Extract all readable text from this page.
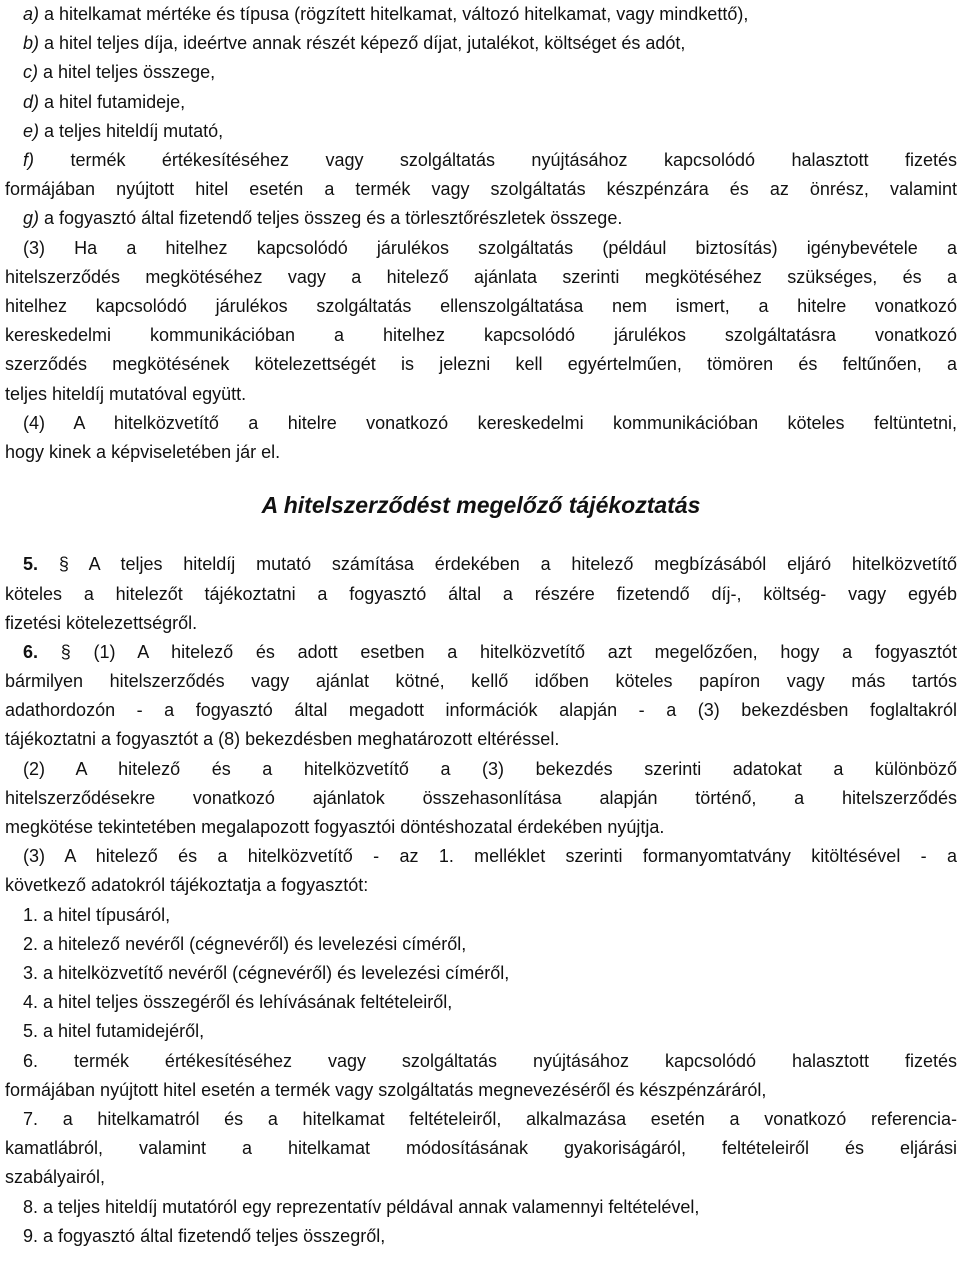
a) a hitelkamat mértéke és típusa (rögzített hitelkamat, változó hitelkamat, vagy mindkettő),
b) a hitel teljes díja, ideértve annak részét képező díjat, jutalékot, költséget és adót,
c) a hitel teljes összege,
d) a hitel futamideje,
e) a teljes hiteldíj mutató,
f) termék értékesítéséhez vagy szolgáltatás nyújtásához kapcsolódó halasztott fizetés
formájában nyújtott hitel esetén a termék vagy szolgáltatás készpénzára és az önrész, valamint
g) a fogyasztó által fizetendő teljes összeg és a törlesztőrészletek összege.
(3) Ha a hitelhez kapcsolódó járulékos szolgáltatás (például biztosítás) igénybevétele a
hitelszerződés megkötéséhez vagy a hitelező ajánlata szerinti megkötéséhez szükséges, és a
hitelhez kapcsolódó járulékos szolgáltatás ellenszolgáltatása nem ismert, a hitelre vonatkozó
kereskedelmi kommunikációban a hitelhez kapcsolódó járulékos szolgáltatásra vonatkozó
szerződés megkötésének kötelezettségét is jelezni kell egyértelműen, tömören és feltűnően, a
teljes hiteldíj mutatóval együtt.
(4) A hitelközvetítő a hitelre vonatkozó kereskedelmi kommunikációban köteles feltüntetni,
hogy kinek a képviseletében jár el.
A hitelszerződést megelőző tájékoztatás
5. § A teljes hiteldíj mutató számítása érdekében a hitelező megbízásából eljáró hitelközvetítő
köteles a hitelezőt tájékoztatni a fogyasztó által a részére fizetendő díj-, költség- vagy egyéb
fizetési kötelezettségről.
6. § (1) A hitelező és adott esetben a hitelközvetítő azt megelőzően, hogy a fogyasztót
bármilyen hitelszerződés vagy ajánlat kötné, kellő időben köteles papíron vagy más tartós
adathordozón - a fogyasztó által megadott információk alapján - a (3) bekezdésben foglaltakról
tájékoztatni a fogyasztót a (8) bekezdésben meghatározott eltéréssel.
(2) A hitelező és a hitelközvetítő a (3) bekezdés szerinti adatokat a különböző
hitelszerződésekre vonatkozó ajánlatok összehasonlítása alapján történő, a hitelszerződés
megkötése tekintetében megalapozott fogyasztói döntéshozatal érdekében nyújtja.
(3) A hitelező és a hitelközvetítő - az 1. melléklet szerinti formanyomtatvány kitöltésével - a
következő adatokról tájékoztatja a fogyasztót:
1. a hitel típusáról,
2. a hitelező nevéről (cégnevéről) és levelezési címéről,
3. a hitelközvetítő nevéről (cégnevéről) és levelezési címéről,
4. a hitel teljes összegéről és lehívásának feltételeiről,
5. a hitel futamidejéről,
6. termék értékesítéséhez vagy szolgáltatás nyújtásához kapcsolódó halasztott fizetés
formájában nyújtott hitel esetén a termék vagy szolgáltatás megnevezéséről és készpénzáráról,
7. a hitelkamatról és a hitelkamat feltételeiről, alkalmazása esetén a vonatkozó referencia-
kamatlábról, valamint a hitelkamat módosításának gyakoriságáról, feltételeiről és eljárási
szabályairól,
8. a teljes hiteldíj mutatóról egy reprezentatív példával annak valamennyi feltételével,
9. a fogyasztó által fizetendő teljes összegről,
